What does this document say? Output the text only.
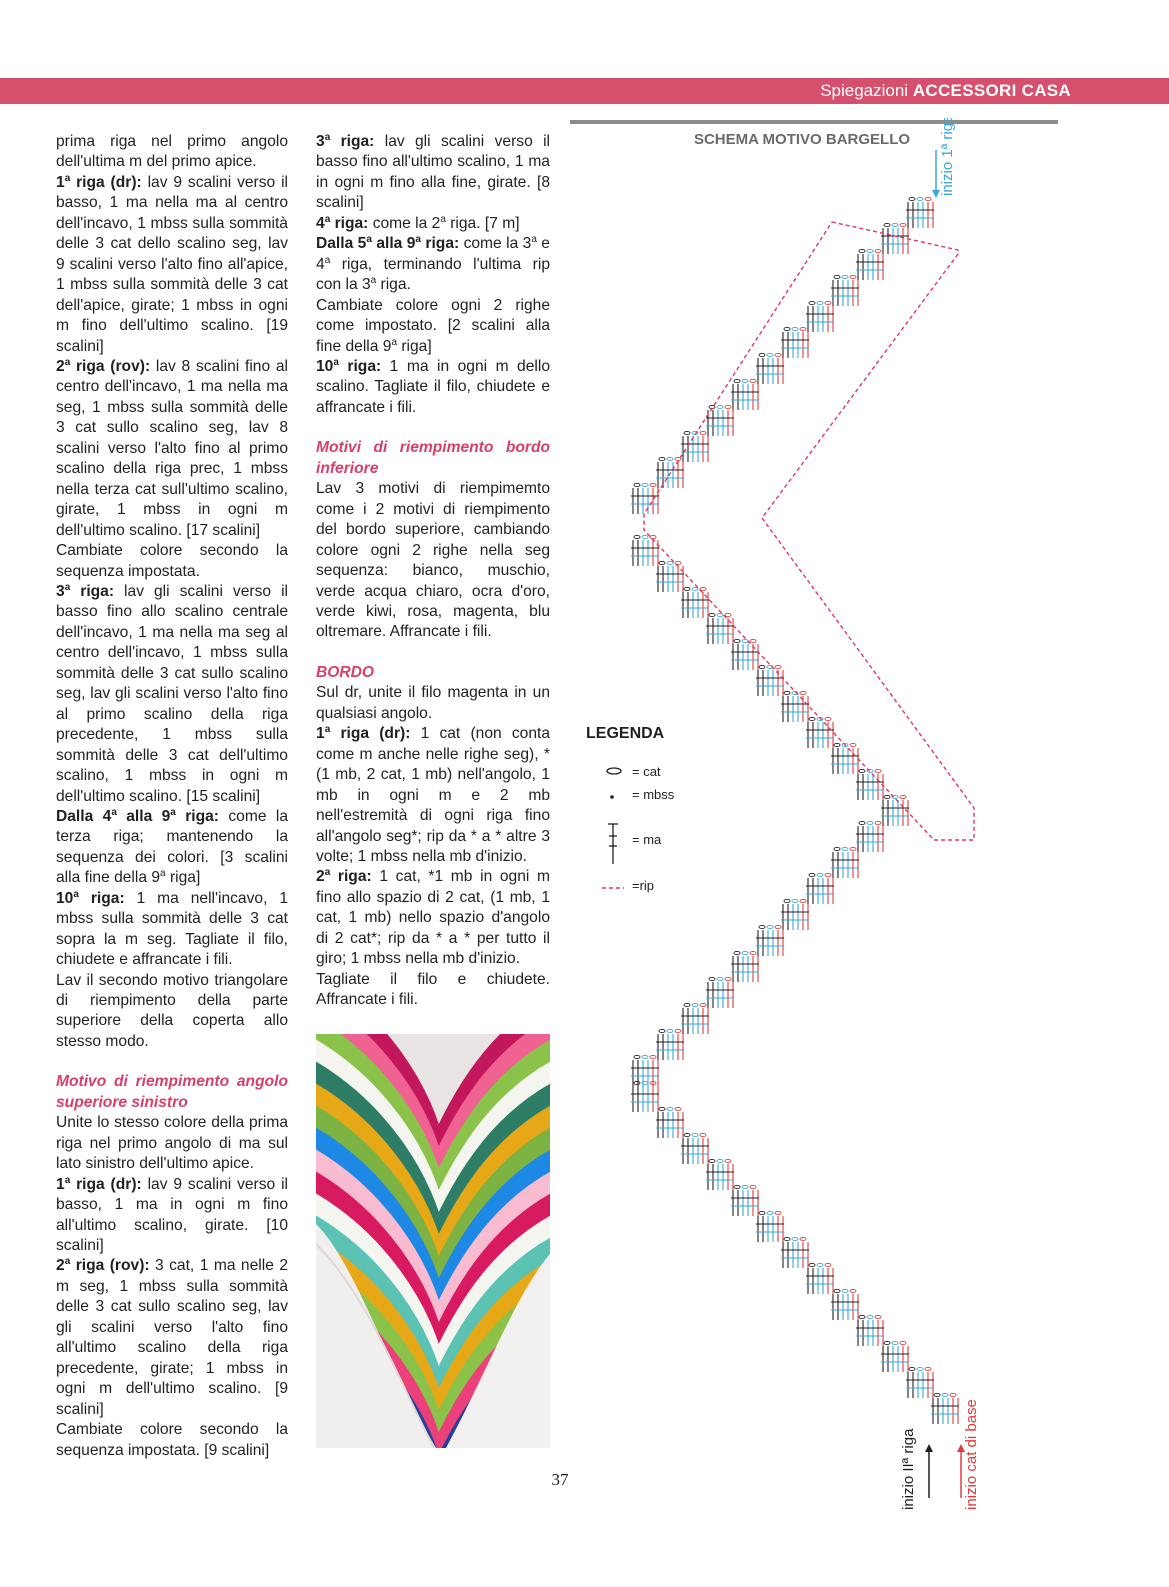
Spiegazioni ACCESSORI CASA

prima riga nel primo angolo dell'ultima m del primo apice.

1$^a$ riga (dr): lav 9 scalini verso il basso, 1 ma nella ma al centro dell'incavo, 1 mbss sulla sommità delle 3 cat dello scalino seg, lav 9 scalini verso l'alto fino all'apice, 1 mbss sulla sommità delle 3 cat dell'apice, girate; 1 mbss in ogni m fino dell'ultimo scalino. [19 scalini]

2$^a$ riga (rov): lav 8 scalini fino al centro dell'incavo, 1 ma nella ma seg, 1 mbss sulla sommità delle 3 cat sullo scalino seg, lav 8 scalini verso l'alto fino al primo scalino della riga prec, 1 mbss nella terza cat sull'ultimo scalino, girate, 1 mbss in ogni m dell'ultimo scalino. [17 scalini]

Cambiate colore secondo la sequenza impostata.

3$^a$ riga: lav gli scalini verso il basso fino allo scalino centrale dell'incavo, 1 ma nella ma seg al centro dell'incavo, 1 mbss sulla sommità delle 3 cat sullo scalino seg, lav gli scalini verso l'alto fino al primo scalino della riga precedente, 1 mbss sulla sommità delle 3 cat dell'ultimo scalino, 1 mbss in ogni m dell'ultimo scalino. [15 scalini]

Dalla 4$^a$ alla 9$^a$ riga: come la terza riga; mantenendo la sequenza dei colori. [3 scalini alla fine della 9$^a$ riga]

10$^a$ riga: 1 ma nell'incavo, 1 mbss sulla sommità delle 3 cat sopra la m seg. Tagliate il filo, chiudete e affrancate i fili.

Lav il secondo motivo triangolare di riempimento della parte superiore della coperta allo stesso modo.

Motivo di riempimento angolo superiore sinistro

Unite lo stesso colore della prima riga nel primo angolo di ma sul lato sinistro dell'ultimo apice.

1$^a$ riga (dr): lav 9 scalini verso il basso, 1 ma in ogni m fino all'ultimo scalino, girate. [10 scalini]

2$^a$ riga (rov): 3 cat, 1 ma nelle 2 m seg, 1 mbss sulla sommità delle 3 cat sullo scalino seg, lav gli scalini verso l'alto fino all'ultimo scalino della riga precedente, girate; 1 mbss in ogni m dell'ultimo scalino. [9 scalini]

Cambiate colore secondo la sequenza impostata. [9 scalini]

3$^a$ riga: lav gli scalini verso il basso fino all'ultimo scalino, 1 ma in ogni m fino alla fine, girate. [8 scalini]

4$^a$ riga: come la 2$^a$ riga. [7 m]

Dalla 5$^a$ alla 9$^a$ riga: come la 3$^a$ e 4$^a$ riga, terminando l'ultima rip con la 3$^a$ riga.

Cambiate colore ogni 2 righe come impostato. [2 scalini alla fine della 9$^a$ riga]

10$^a$ riga: 1 ma in ogni m dello scalino. Tagliate il filo, chiudete e affrancate i fili.

Motivi di riempimento bordo inferiore

Lav 3 motivi di riempimemto come i 2 motivi di riempimento del bordo superiore, cambiando colore ogni 2 righe nella seg sequenza: bianco, muschio, verde acqua chiaro, ocra d'oro, verde kiwi, rosa, magenta, blu oltremare. Affrancate i fili.

BORDO

Sul dr, unite il filo magenta in un qualsiasi angolo.

1$^a$ riga (dr): 1 cat (non conta come m anche nelle righe seg), *(1 mb, 2 cat, 1 mb) nell'angolo, 1 mb in ogni m e 2 mb nell'estremità di ogni riga fino all'angolo seg*; rip da * a * altre 3 volte; 1 mbss nella mb d'inizio.

2$^a$ riga: 1 cat, *1 mb in ogni m fino allo spazio di 2 cat, (1 mb, 1 cat, 1 mb) nello spazio d'angolo di 2 cat*; rip da * a * per tutto il giro; 1 mbss nella mb d'inizio.

Tagliate il filo e chiudete. Affrancate i fili.

SCHEMA MOTIVO BARGELLO inizio 1ª riga
inizio IIª riga	inizio cat di base
LEGENDA
= cat
= mbss
= ma
=rip
37
